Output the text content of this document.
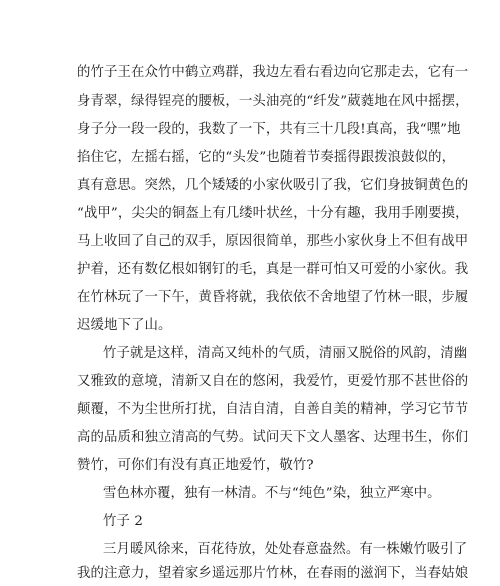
的竹子王在众竹中鹤立鸡群，我边左看右看边向它那走去，它有一
身青翠，绿得锃亮的腰板，一头油亮的“纤发”葳蕤地在风中摇摆，
身子分一段一段的，我数了一下，共有三十几段!真高，我“嘿”地
掐住它，左摇右摇，它的“头发”也随着节奏摇得跟拨浪鼓似的，
真有意思。突然，几个矮矮的小家伙吸引了我，它们身披铜黄色的
“战甲”，尖尖的铜盔上有几缕叶状丝，十分有趣，我用手刚要摸，
马上收回了自己的双手，原因很简单，那些小家伙身上不但有战甲
护着，还有数亿根如钢钉的毛，真是一群可怕又可爱的小家伙。我
在竹林玩了一下午，黄昏将就，我依依不舍地望了竹林一眼，步履
迟缓地下了山。
竹子就是这样，清高又纯朴的气质，清丽又脱俗的风韵，清幽
又雅致的意境，清新又自在的悠闲，我爱竹，更爱竹那不甚世俗的
颠覆，不为尘世所打扰，自洁自清，自善自美的精神，学习它节节
高的品质和独立清高的气势。试问天下文人墨客、达理书生，你们
赞竹，可你们有没有真正地爱竹，敬竹?
雪色林亦覆，独有一林清。不与“纯色”染，独立严寒中。
竹子 2
三月暖风徐来，百花待放，处处春意盎然。有一株嫩竹吸引了
我的注意力，望着家乡遥远那片竹林，在春雨的滋润下，当春姑娘
